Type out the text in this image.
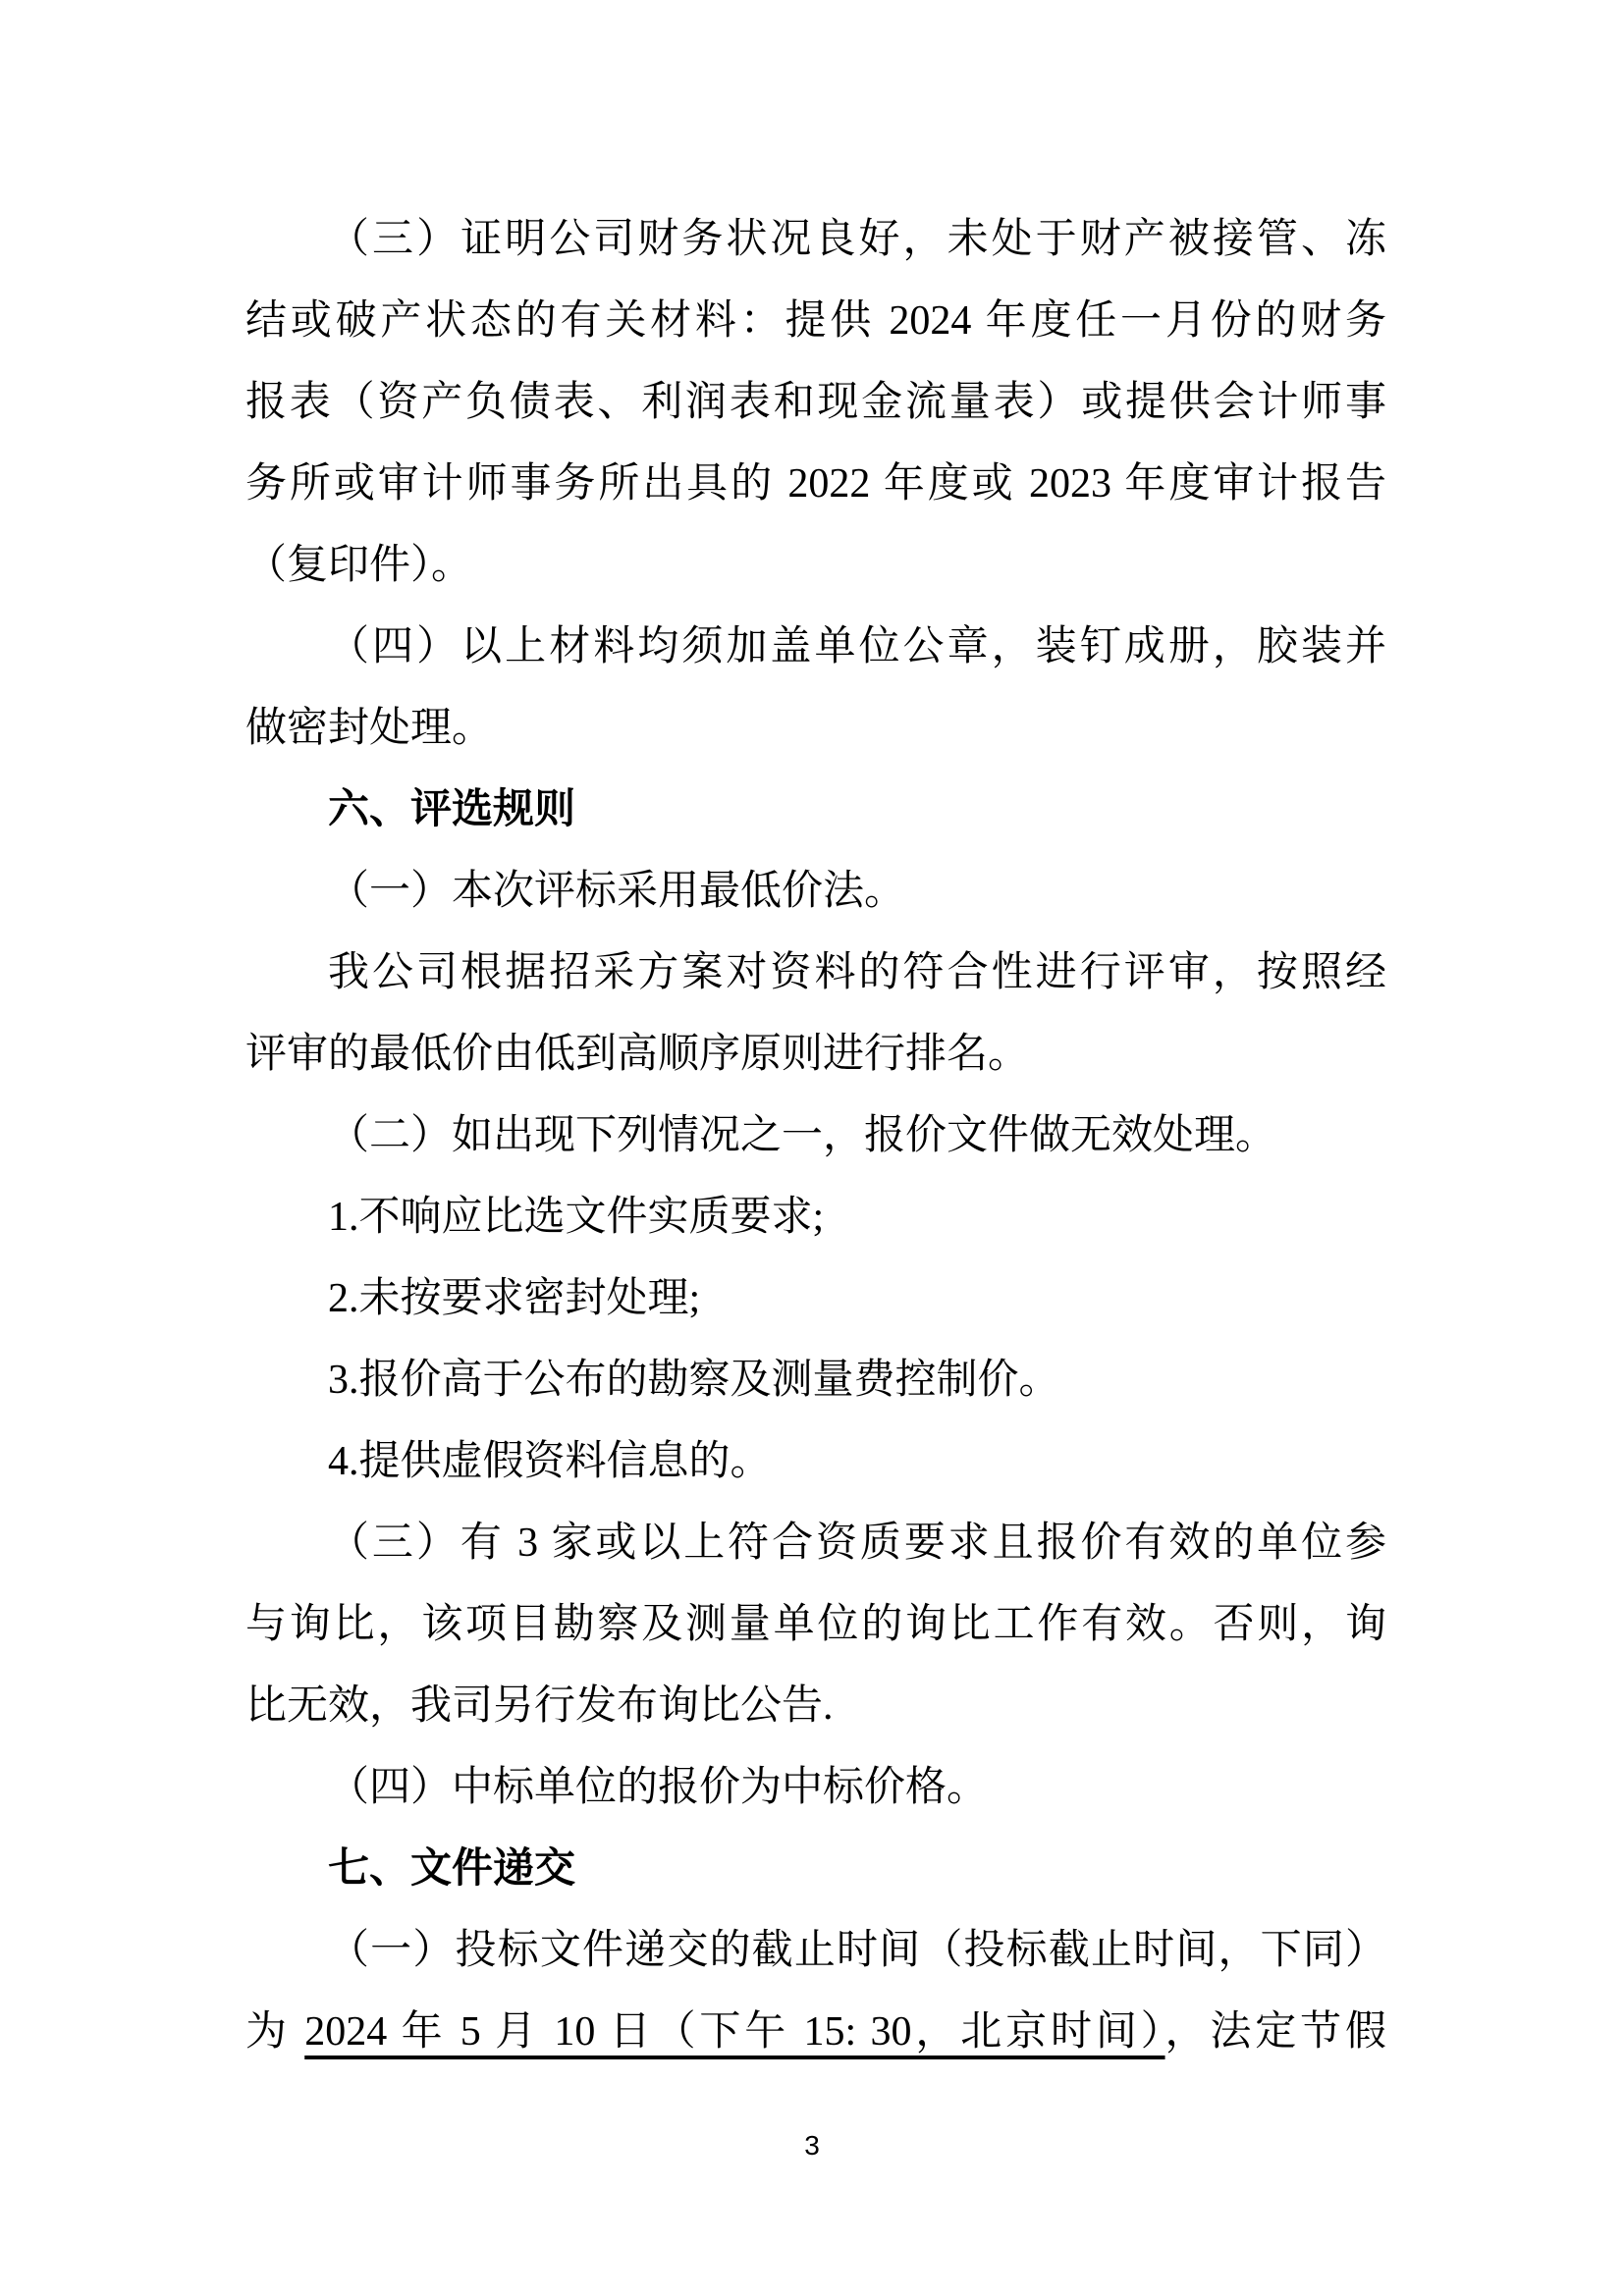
（三）证明公司财务状况良好，未处于财产被接管、冻
结或破产状态的有关材料：提供 2024 年度任一月份的财务
报表（资产负债表、利润表和现金流量表）或提供会计师事
务所或审计师事务所出具的 2022 年度或 2023 年度审计报告
（复印件）。
（四）以上材料均须加盖单位公章，装钉成册，胶装并
做密封处理。
六、评选规则
（一）本次评标采用最低价法。
我公司根据招采方案对资料的符合性进行评审，按照经
评审的最低价由低到高顺序原则进行排名。
（二）如出现下列情况之一，报价文件做无效处理。
1.不响应比选文件实质要求;
2.未按要求密封处理;
3.报价高于公布的勘察及测量费控制价。
4.提供虚假资料信息的。
（三）有 3 家或以上符合资质要求且报价有效的单位参
与询比，该项目勘察及测量单位的询比工作有效。否则，询
比无效，我司另行发布询比公告.
（四）中标单位的报价为中标价格。
七、文件递交
（一）投标文件递交的截止时间（投标截止时间，下同）
为 2024 年 5 月 10 日（下午 15: 30，北京时间），法定节假
3
